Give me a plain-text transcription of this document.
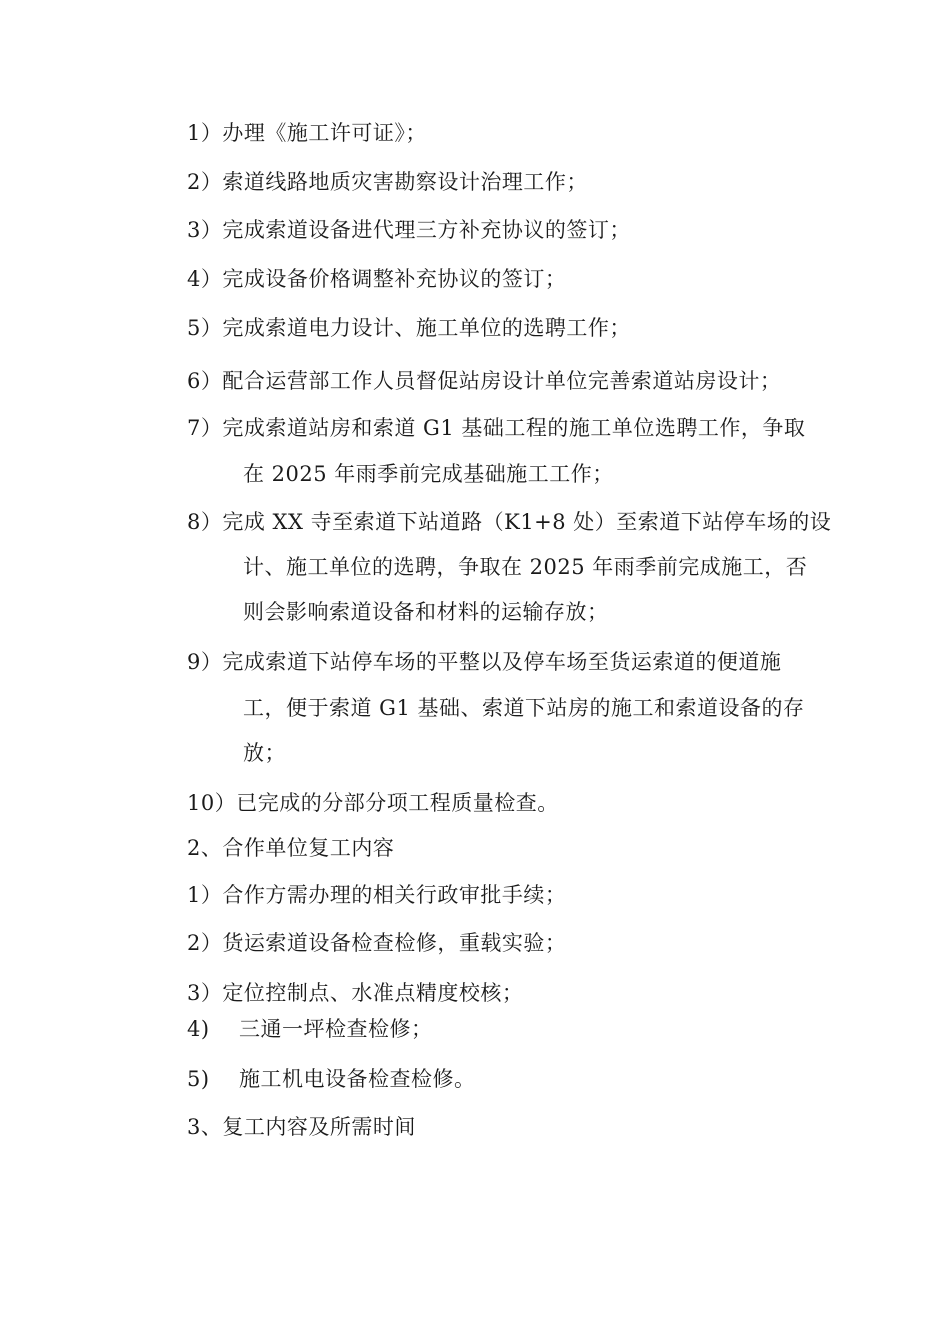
1）办理《施工许可证》；
2）索道线路地质灾害勘察设计治理工作；
3）完成索道设备进代理三方补充协议的签订；
4）完成设备价格调整补充协议的签订；
5）完成索道电力设计、施工单位的选聘工作；
6）配合运营部工作人员督促站房设计单位完善索道站房设计；
7）完成索道站房和索道 G1 基础工程的施工单位选聘工作，争取
在 2025 年雨季前完成基础施工工作；
8）完成 XX 寺至索道下站道路（K1+8 处）至索道下站停车场的设
计、施工单位的选聘，争取在 2025 年雨季前完成施工，否
则会影响索道设备和材料的运输存放；
9）完成索道下站停车场的平整以及停车场至货运索道的便道施
工，便于索道 G1 基础、索道下站房的施工和索道设备的存
放；
10）已完成的分部分项工程质量检查。
2、合作单位复工内容
1）合作方需办理的相关行政审批手续；
2）货运索道设备检查检修，重载实验；
3）定位控制点、水准点精度校核；
4) 三通一坪检查检修；
5) 施工机电设备检查检修。
3、复工内容及所需时间
